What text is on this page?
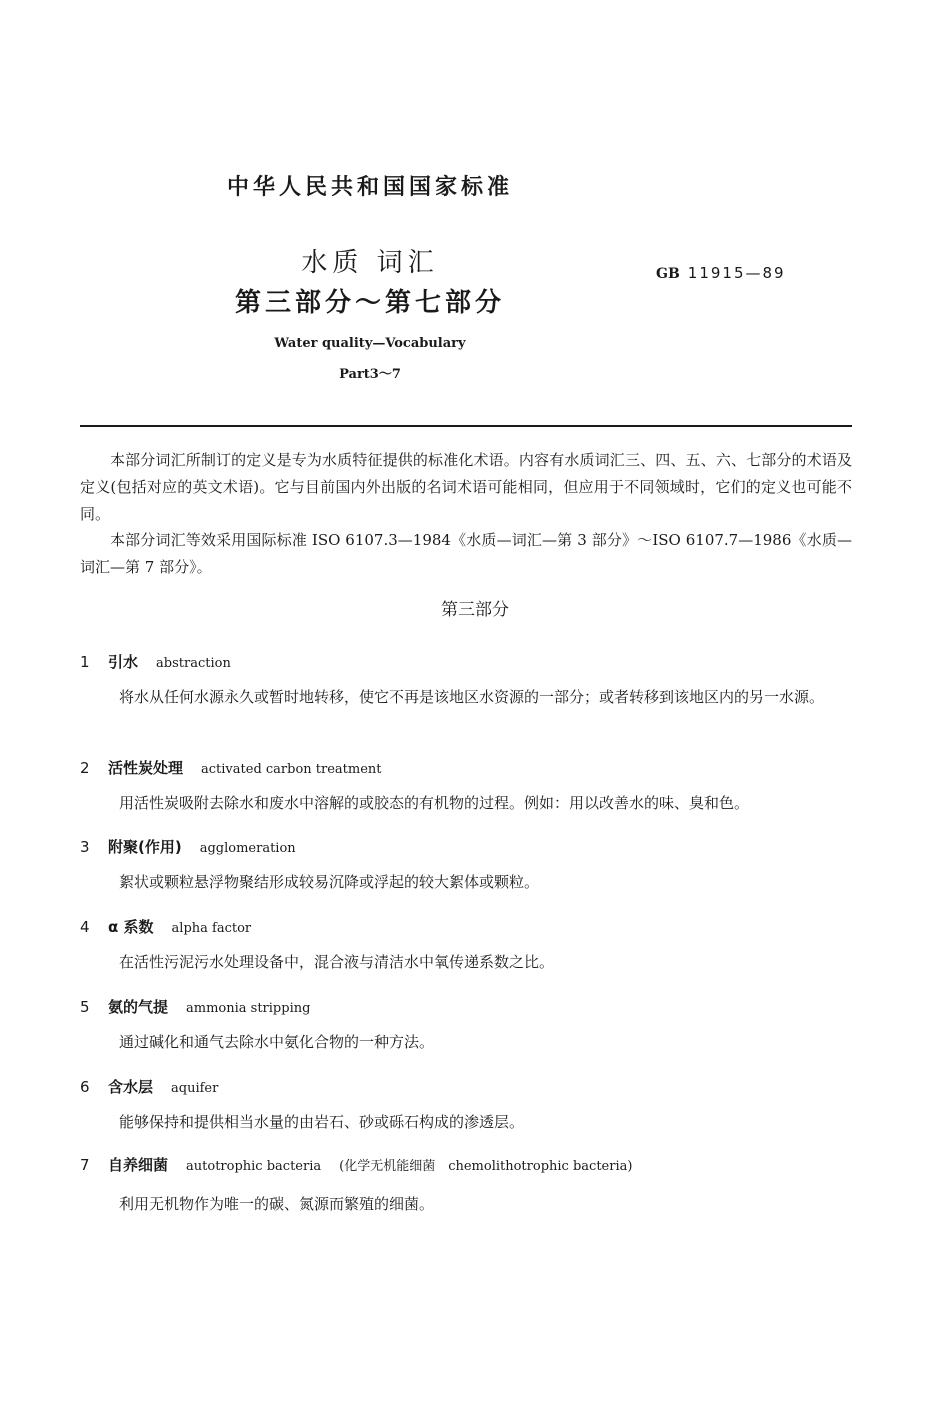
中华人民共和国国家标准
水质 词汇
第三部分～第七部分
GB 11915—89
Water quality—Vocabulary
Part3～7
本部分词汇所制订的定义是专为水质特征提供的标准化术语。内容有水质词汇三、四、五、六、七部分的术语及定义(包括对应的英文术语)。它与目前国内外出版的名词术语可能相同，但应用于不同领域时，它们的定义也可能不同。
本部分词汇等效采用国际标准 ISO 6107.3—1984《水质—词汇—第 3 部分》～ISO 6107.7—1986《水质—词汇—第 7 部分》。
第三部分
1 引水 abstraction
将水从任何水源永久或暂时地转移，使它不再是该地区水资源的一部分；或者转移到该地区内的另一水源。
2 活性炭处理 activated carbon treatment
用活性炭吸附去除水和废水中溶解的或胶态的有机物的过程。例如：用以改善水的味、臭和色。
3 附聚(作用) agglomeration
絮状或颗粒悬浮物聚结形成较易沉降或浮起的较大絮体或颗粒。
4 α 系数 alpha factor
在活性污泥污水处理设备中，混合液与清洁水中氧传递系数之比。
5 氨的气提 ammonia stripping
通过碱化和通气去除水中氨化合物的一种方法。
6 含水层 aquifer
能够保持和提供相当水量的由岩石、砂或砾石构成的渗透层。
7 自养细菌 autotrophic bacteria (化学无机能细菌　chemolithotrophic bacteria)
利用无机物作为唯一的碳、氮源而繁殖的细菌。
